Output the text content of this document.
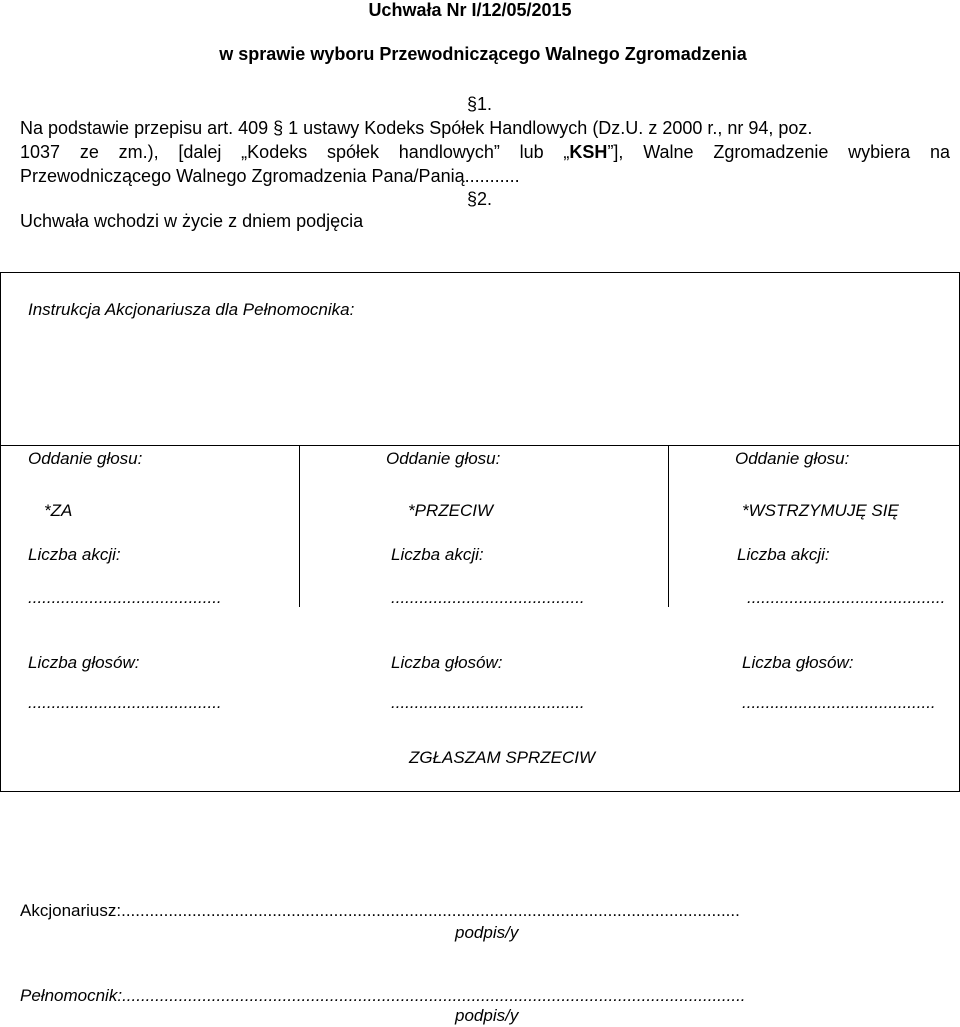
Uchwała Nr I/12/05/2015
w sprawie wyboru Przewodniczącego Walnego Zgromadzenia
§1.
Na podstawie przepisu art. 409 § 1 ustawy Kodeks Spółek Handlowych (Dz.U. z 2000 r., nr 94, poz.
1037 ze zm.), [dalej „Kodeks spółek handlowych” lub „KSH”], Walne Zgromadzenie wybiera na
Przewodniczącego Walnego Zgromadzenia Pana/Panią...........
§2.
Uchwała wchodzi w życie z dniem podjęcia
Instrukcja Akcjonariusza dla Pełnomocnika:
Oddanie głosu:
*ZA
Liczba akcji:
.........................................
Liczba głosów:
.........................................
Oddanie głosu:
*PRZECIW
Liczba akcji:
.........................................
Liczba głosów:
.........................................
Oddanie głosu:
*WSTRZYMUJĘ SIĘ
Liczba akcji:
..........................................
Liczba głosów:
.........................................
ZGŁASZAM SPRZECIW
Akcjonariusz:...................................................................................................................................
podpis/y
Pełnomocnik:....................................................................................................................................
podpis/y
